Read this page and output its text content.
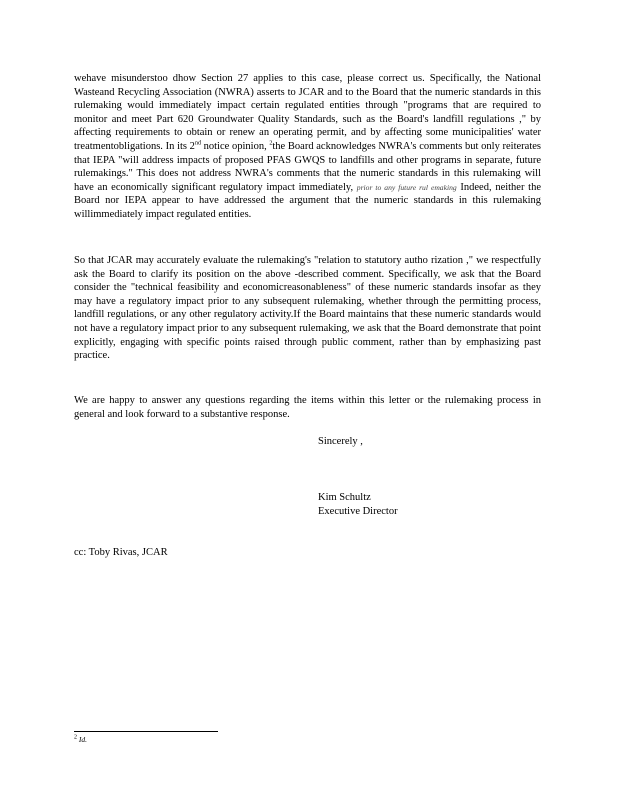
wehave misunderstoo dhow Section 27 applies to this case, please correct us. Specifically, the National Wasteand Recycling Association (NWRA) asserts to JCAR and to the Board that the numeric standards in this rulemaking would immediately impact certain regulated entities through "programs that are required to monitor and meet Part 620 Groundwater Quality Standards, such as the Board's landfill regulations ," by affecting requirements to obtain or renew an operating permit, and by affecting some municipalities' water treatmentobligations. In its 2nd notice opinion, $^2$the Board acknowledges NWRA's comments but only reiterates that IEPA "will address impacts of proposed PFAS GWQS to landfills and other programs in separate, future rulemakings." This does not address NWRA's comments that the numeric standards in this rulemaking will have an economically significant regulatory impact immediately, prior to any future rul emaking Indeed, neither the Board nor IEPA appear to have addressed the argument that the numeric standards in this rulemaking willimmediately impact regulated entities.

So that JCAR may accurately evaluate the rulemaking's "relation to statutory autho rization ," we respectfully ask the Board to clarify its position on the above -described comment. Specifically, we ask that the Board consider the "technical feasibility and economicreasonableness" of these numeric standards insofar as they may have a regulatory impact prior to any subsequent rulemaking, whether through the permitting process, landfill regulations, or any other regulatory activity.If the Board maintains that these numeric standards would not have a regulatory impact prior to any subsequent rulemaking, we ask that the Board demonstrate that point explicitly, engaging with specific points raised through public comment, rather than by emphasizing past practice.

We are happy to answer any questions regarding the items within this letter or the rulemaking process in general and look forward to a substantive response.

Sincerely ,
Kim Schultz
Executive Director
cc: Toby Rivas, JCAR
$^2$ Id.
